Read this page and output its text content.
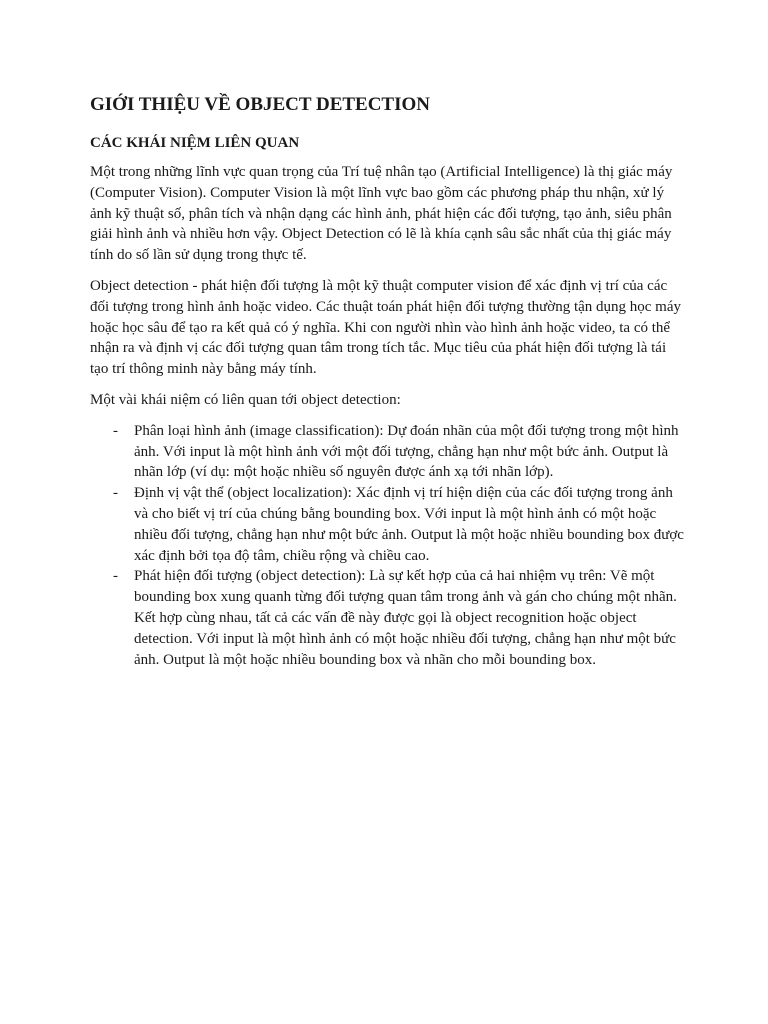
GIỚI THIỆU VỀ OBJECT DETECTION
CÁC KHÁI NIỆM LIÊN QUAN

Một trong những lĩnh vực quan trọng của Trí tuệ nhân tạo (Artificial Intelligence) là thị giác máy (Computer Vision). Computer Vision là một lĩnh vực bao gồm các phương pháp thu nhận, xử lý ảnh kỹ thuật số, phân tích và nhận dạng các hình ảnh, phát hiện các đối tượng, tạo ảnh, siêu phân giải hình ảnh và nhiều hơn vậy. Object Detection có lẽ là khía cạnh sâu sắc nhất của thị giác máy tính do số lần sử dụng trong thực tế.

Object detection - phát hiện đối tượng là một kỹ thuật computer vision để xác định vị trí của các đối tượng trong hình ảnh hoặc video. Các thuật toán phát hiện đối tượng thường tận dụng học máy hoặc học sâu để tạo ra kết quả có ý nghĩa. Khi con người nhìn vào hình ảnh hoặc video, ta có thể nhận ra và định vị các đối tượng quan tâm trong tích tắc. Mục tiêu của phát hiện đối tượng là tái tạo trí thông minh này bằng máy tính.

Một vài khái niệm có liên quan tới object detection:

- Phân loại hình ảnh (image classification): Dự đoán nhãn của một đối tượng trong một hình ảnh. Với input là một hình ảnh với một đối tượng, chẳng hạn như một bức ảnh. Output là nhãn lớp (ví dụ: một hoặc nhiều số nguyên được ánh xạ tới nhãn lớp).
- Định vị vật thể (object localization): Xác định vị trí hiện diện của các đối tượng trong ảnh và cho biết vị trí của chúng bằng bounding box. Với input là một hình ảnh có một hoặc nhiều đối tượng, chẳng hạn như một bức ảnh. Output là một hoặc nhiều bounding box được xác định bởi tọa độ tâm, chiều rộng và chiều cao.
- Phát hiện đối tượng (object detection): Là sự kết hợp của cả hai nhiệm vụ trên: Vẽ một bounding box xung quanh từng đối tượng quan tâm trong ảnh và gán cho chúng một nhãn. Kết hợp cùng nhau, tất cả các vấn đề này được gọi là object recognition hoặc object detection. Với input là một hình ảnh có một hoặc nhiều đối tượng, chẳng hạn như một bức ảnh. Output là một hoặc nhiều bounding box và nhãn cho mỗi bounding box.
